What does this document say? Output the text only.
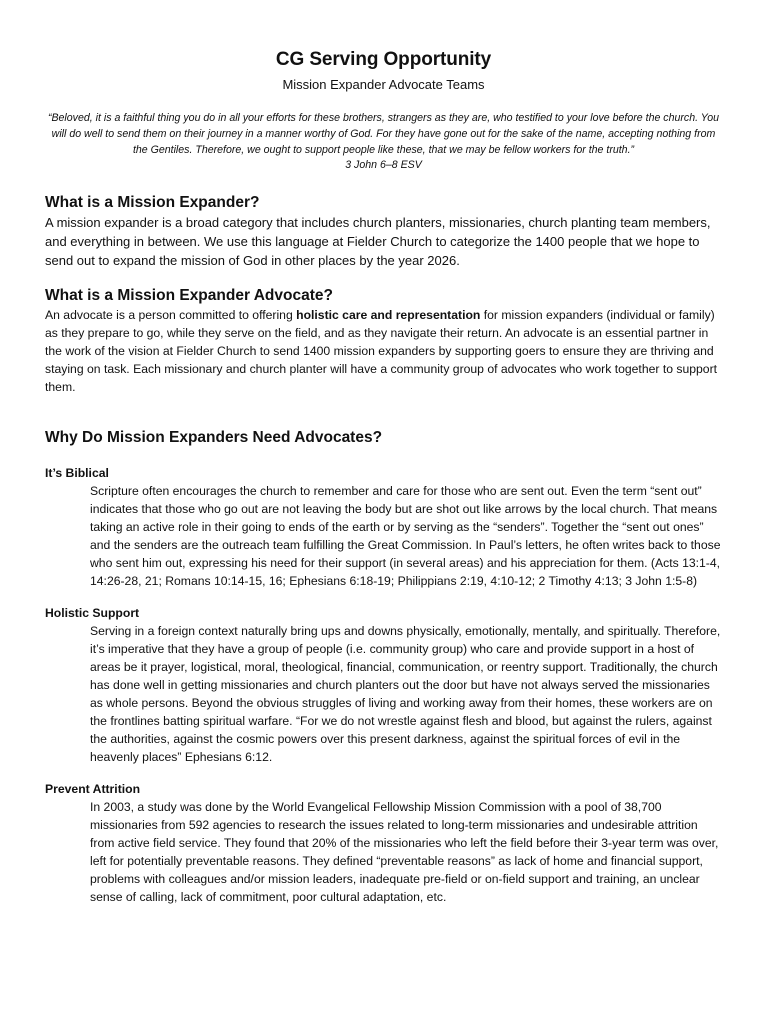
CG Serving Opportunity
Mission Expander Advocate Teams

“Beloved, it is a faithful thing you do in all your efforts for these brothers, strangers as they are, who testified to your love before the church. You will do well to send them on their journey in a manner worthy of God. For they have gone out for the sake of the name, accepting nothing from the Gentiles. Therefore, we ought to support people like these, that we may be fellow workers for the truth.”

3 John 6–8 ESV

What is a Mission Expander?

A mission expander is a broad category that includes church planters, missionaries, church planting team members, and everything in between. We use this language at Fielder Church to categorize the 1400 people that we hope to send out to expand the mission of God in other places by the year 2026.

What is a Mission Expander Advocate?

An advocate is a person committed to offering holistic care and representation for mission expanders (individual or family) as they prepare to go, while they serve on the field, and as they navigate their return. An advocate is an essential partner in the work of the vision at Fielder Church to send 1400 mission expanders by supporting goers to ensure they are thriving and staying on task. Each missionary and church planter will have a community group of advocates who work together to support them.

Why Do Mission Expanders Need Advocates?
It’s Biblical

Scripture often encourages the church to remember and care for those who are sent out. Even the term “sent out” indicates that those who go out are not leaving the body but are shot out like arrows by the local church. That means taking an active role in their going to ends of the earth or by serving as the “senders”. Together the “sent out ones” and the senders are the outreach team fulfilling the Great Commission. In Paul’s letters, he often writes back to those who sent him out, expressing his need for their support (in several areas) and his appreciation for them. (Acts 13:1-4, 14:26-28, 21; Romans 10:14-15, 16; Ephesians 6:18-19; Philippians 2:19, 4:10-12; 2 Timothy 4:13; 3 John 1:5-8)

Holistic Support

Serving in a foreign context naturally bring ups and downs physically, emotionally, mentally, and spiritually. Therefore, it’s imperative that they have a group of people (i.e. community group) who care and provide support in a host of areas be it prayer, logistical, moral, theological, financial, communication, or reentry support. Traditionally, the church has done well in getting missionaries and church planters out the door but have not always served the missionaries as whole persons. Beyond the obvious struggles of living and working away from their homes, these workers are on the frontlines batting spiritual warfare. “For we do not wrestle against flesh and blood, but against the rulers, against the authorities, against the cosmic powers over this present darkness, against the spiritual forces of evil in the heavenly places” Ephesians 6:12.

Prevent Attrition

In 2003, a study was done by the World Evangelical Fellowship Mission Commission with a pool of 38,700 missionaries from 592 agencies to research the issues related to long-term missionaries and undesirable attrition from active field service. They found that 20% of the missionaries who left the field before their 3-year term was over, left for potentially preventable reasons. They defined “preventable reasons” as lack of home and financial support, problems with colleagues and/or mission leaders, inadequate pre-field or on-field support and training, an unclear sense of calling, lack of commitment, poor cultural adaptation, etc.
